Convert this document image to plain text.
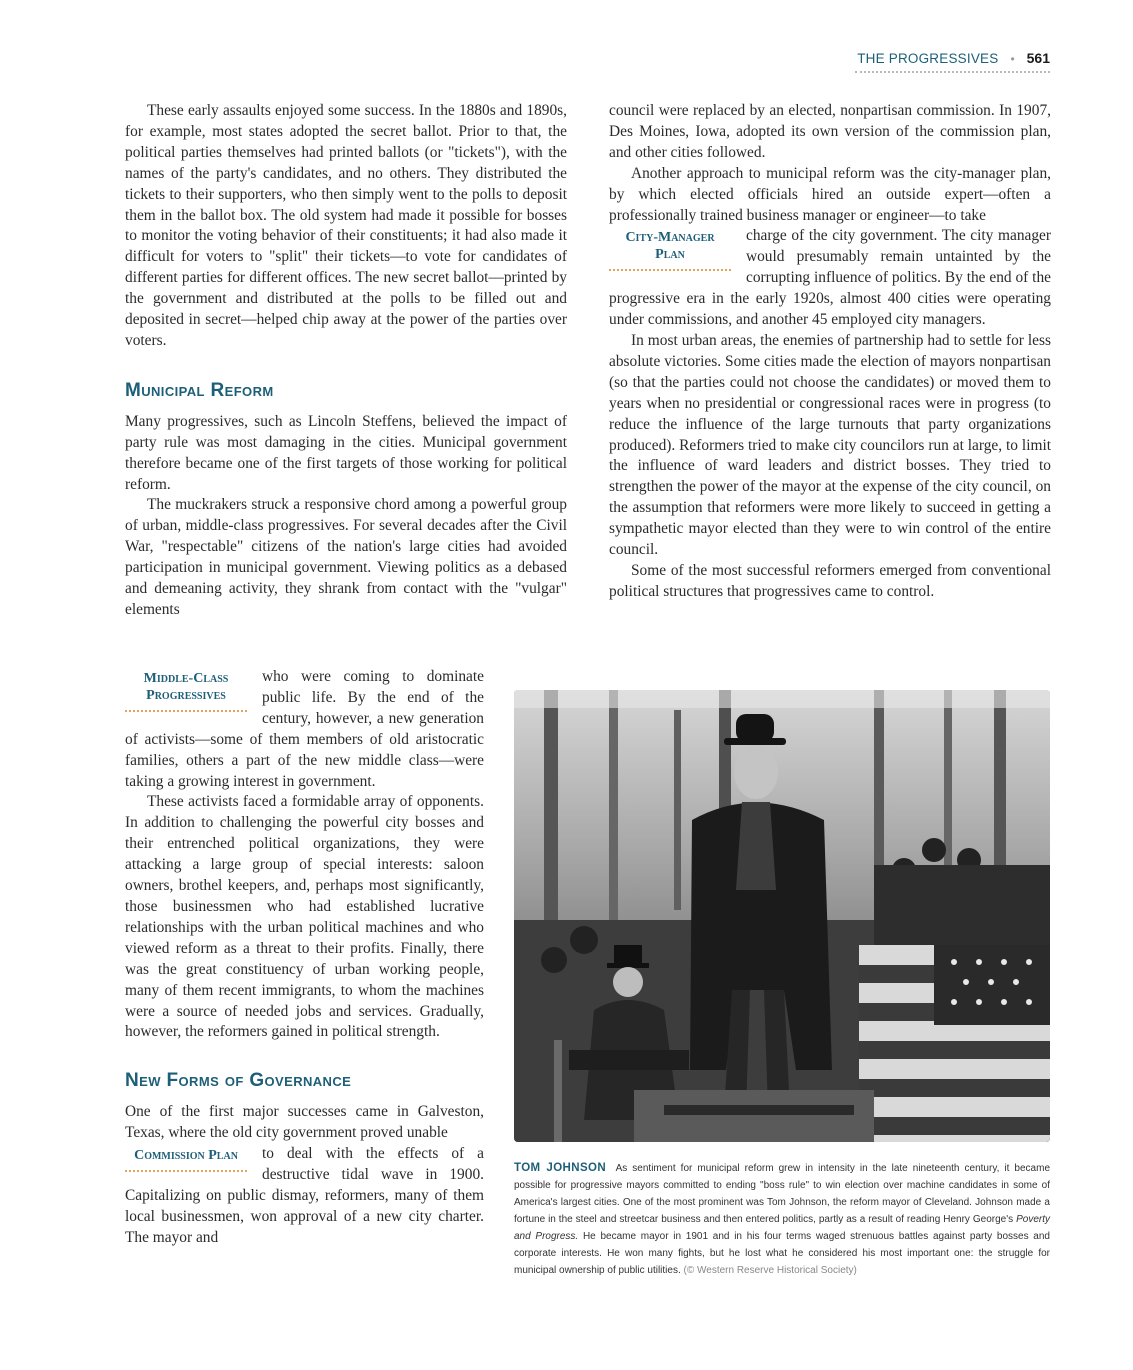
THE PROGRESSIVES • 561

These early assaults enjoyed some success. In the 1880s and 1890s, for example, most states adopted the secret ballot. Prior to that, the political parties themselves had printed ballots (or "tickets"), with the names of the party's candidates, and no others. They distributed the tickets to their supporters, who then simply went to the polls to deposit them in the ballot box. The old system had made it possible for bosses to monitor the voting behavior of their constituents; it had also made it difficult for voters to "split" their tickets—to vote for candidates of different parties for different offices. The new secret ballot—printed by the government and distributed at the polls to be filled out and deposited in secret—helped chip away at the power of the parties over voters.

Municipal Reform

Many progressives, such as Lincoln Steffens, believed the impact of party rule was most damaging in the cities. Municipal government therefore became one of the first targets of those working for political reform.

The muckrakers struck a responsive chord among a powerful group of urban, middle-class progressives. For several decades after the Civil War, "respectable" citizens of the nation's large cities had avoided participation in municipal government. Viewing politics as a debased and demeaning activity, they shrank from contact with the "vulgar" elements

Middle-Class Progressives

who were coming to dominate public life. By the end of the century, however, a new generation of activists—some of them members of old aristocratic families, others a part of the new middle class—were taking a growing interest in government.

These activists faced a formidable array of opponents. In addition to challenging the powerful city bosses and their entrenched political organizations, they were attacking a large group of special interests: saloon owners, brothel keepers, and, perhaps most significantly, those businessmen who had established lucrative relationships with the urban political machines and who viewed reform as a threat to their profits. Finally, there was the great constituency of urban working people, many of them recent immigrants, to whom the machines were a source of needed jobs and services. Gradually, however, the reformers gained in political strength.

New Forms of Governance

One of the first major successes came in Galveston, Texas, where the old city government proved unable

Commission Plan	to deal with the effects of a destructive tidal wave in 1900. Capitalizing on public dismay, reformers, many of them local businessmen, won approval of a new city charter. The mayor and

council were replaced by an elected, nonpartisan commission. In 1907, Des Moines, Iowa, adopted its own version of the commission plan, and other cities followed.

Another approach to municipal reform was the city-manager plan, by which elected officials hired an outside expert—often a professionally trained business manager or engineer—to take

City-Manager Plan

charge of the city government. The city manager would presumably remain untainted by the corrupting influence of politics. By the end of the progressive era in the early 1920s, almost 400 cities were operating under commissions, and another 45 employed city managers.

In most urban areas, the enemies of partnership had to settle for less absolute victories. Some cities made the election of mayors nonpartisan (so that the parties could not choose the candidates) or moved them to years when no presidential or congressional races were in progress (to reduce the influence of the large turnouts that party organizations produced). Reformers tried to make city councilors run at large, to limit the influence of ward leaders and district bosses. They tried to strengthen the power of the mayor at the expense of the city council, on the assumption that reformers were more likely to succeed in getting a sympathetic mayor elected than they were to win control of the entire council.

Some of the most successful reformers emerged from conventional political structures that progressives came to control.

TOM JOHNSON As sentiment for municipal reform grew in intensity in the late nineteenth century, it became possible for progressive mayors committed to ending "boss rule" to win election over machine candidates in some of America's largest cities. One of the most prominent was Tom Johnson, the reform mayor of Cleveland. Johnson made a fortune in the steel and streetcar business and then entered politics, partly as a result of reading Henry George's Poverty and Progress. He became mayor in 1901 and in his four terms waged strenuous battles against party bosses and corporate interests. He won many fights, but he lost what he considered his most important one: the struggle for municipal ownership of public utilities. (© Western Reserve Historical Society)
